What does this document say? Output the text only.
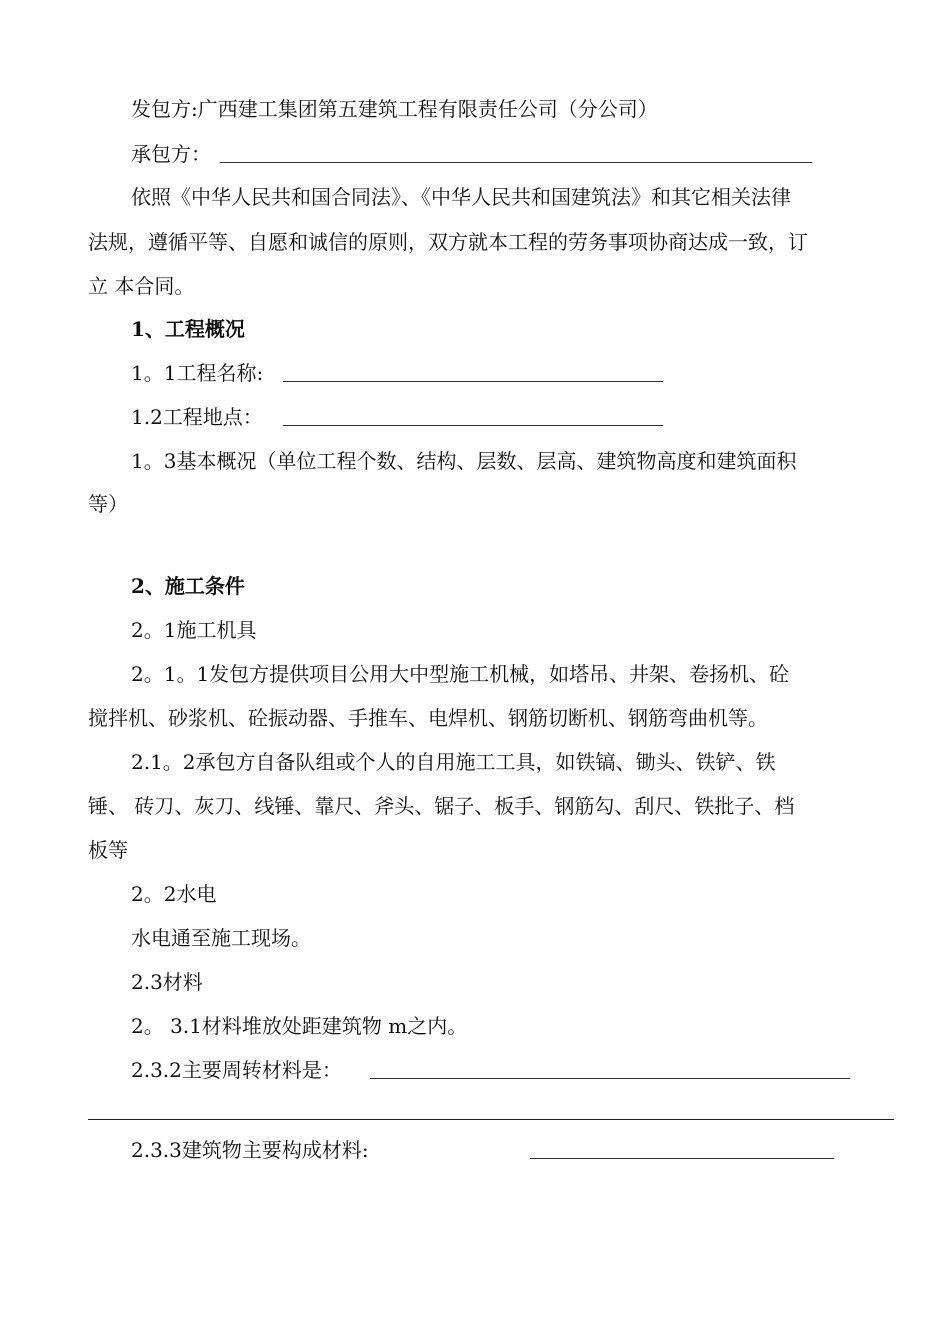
发包方:广西建工集团第五建筑工程有限责任公司（分公司）
承包方：
依照《中华人民共和国合同法》、《中华人民共和国建筑法》和其它相关法律
法规，遵循平等、自愿和诚信的原则，双方就本工程的劳务事项协商达成一致，订
立 本合同。
1、工程概况
1。1工程名称:
1.2工程地点：
1。3基本概况（单位工程个数、结构、层数、层高、建筑物高度和建筑面积
等）
2、施工条件
2。1施工机具
2。1。1发包方提供项目公用大中型施工机械，如塔吊、井架、卷扬机、砼
搅拌机、砂浆机、砼振动器、手推车、电焊机、钢筋切断机、钢筋弯曲机等。
2.1。2承包方自备队组或个人的自用施工工具，如铁镐、锄头、铁铲、铁
锤、 砖刀、灰刀、线锤、靠尺、斧头、锯子、板手、钢筋勾、刮尺、铁批子、档
板等
2。2水电
水电通至施工现场。
2.3材料
2。 3.1材料堆放处距建筑物 m之内。
2.3.2主要周转材料是：
2.3.3建筑物主要构成材料:
